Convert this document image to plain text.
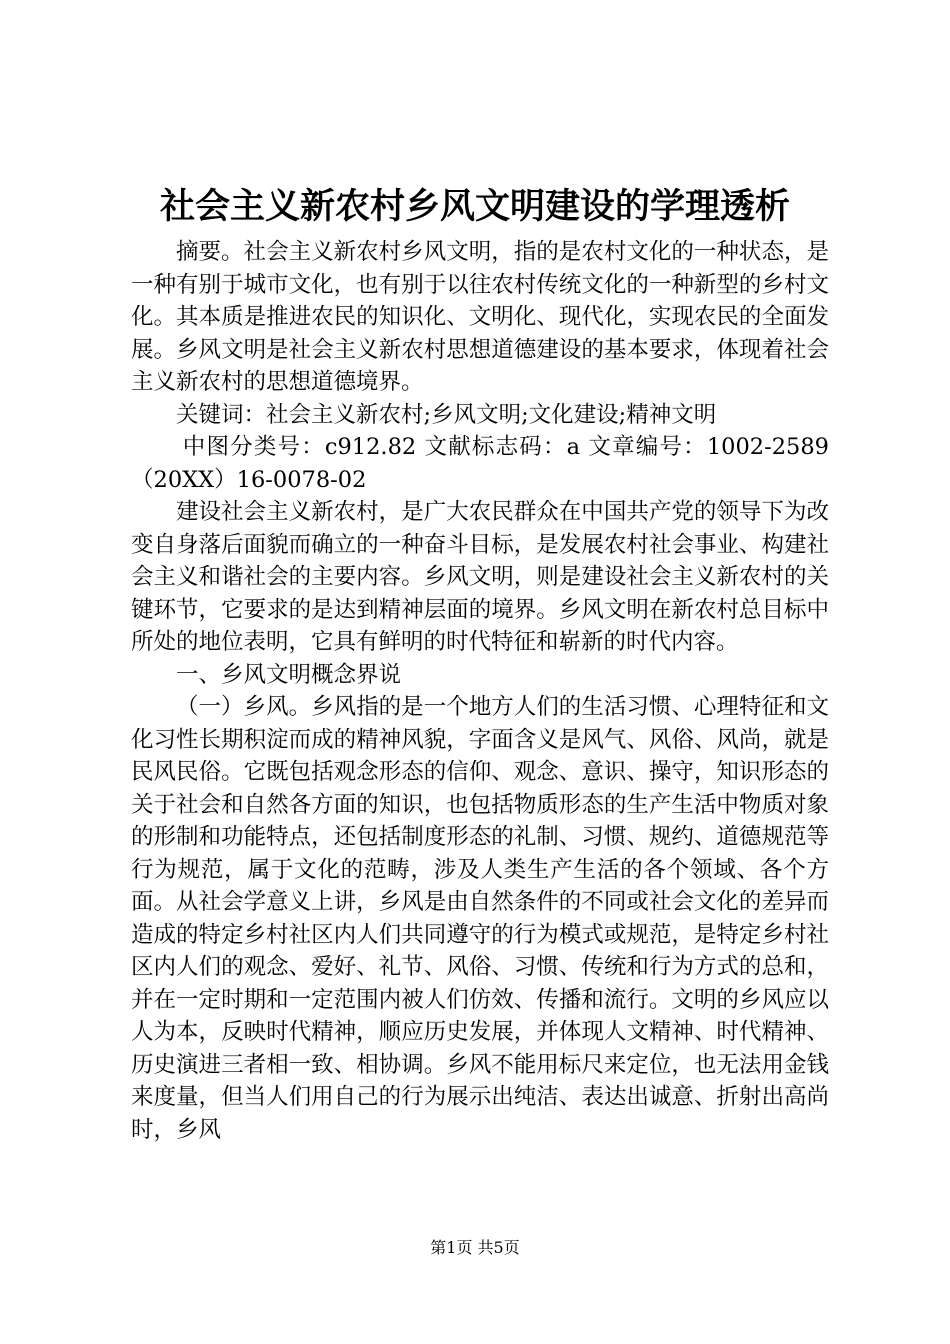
社会主义新农村乡风文明建设的学理透析

摘要。社会主义新农村乡风文明，指的是农村文化的一种状态，是一种有别于城市文化，也有别于以往农村传统文化的一种新型的乡村文化。其本质是推进农民的知识化、文明化、现代化，实现农民的全面发展。乡风文明是社会主义新农村思想道德建设的基本要求，体现着社会主义新农村的思想道德境界。

关键词：社会主义新农村;乡风文明;文化建设;精神文明

中图分类号：c912.82 文献标志码：a 文章编号：1002-2589（20XX）16-0078-02

建设社会主义新农村，是广大农民群众在中国共产党的领导下为改变自身落后面貌而确立的一种奋斗目标，是发展农村社会事业、构建社会主义和谐社会的主要内容。乡风文明，则是建设社会主义新农村的关键环节，它要求的是达到精神层面的境界。乡风文明在新农村总目标中所处的地位表明，它具有鲜明的时代特征和崭新的时代内容。

一、乡风文明概念界说

（一）乡风。乡风指的是一个地方人们的生活习惯、心理特征和文化习性长期积淀而成的精神风貌，字面含义是风气、风俗、风尚，就是民风民俗。它既包括观念形态的信仰、观念、意识、操守，知识形态的关于社会和自然各方面的知识，也包括物质形态的生产生活中物质对象的形制和功能特点，还包括制度形态的礼制、习惯、规约、道德规范等行为规范，属于文化的范畴，涉及人类生产生活的各个领域、各个方面。从社会学意义上讲，乡风是由自然条件的不同或社会文化的差异而造成的特定乡村社区内人们共同遵守的行为模式或规范，是特定乡村社区内人们的观念、爱好、礼节、风俗、习惯、传统和行为方式的总和，并在一定时期和一定范围内被人们仿效、传播和流行。文明的乡风应以人为本，反映时代精神，顺应历史发展，并体现人文精神、时代精神、历史演进三者相一致、相协调。乡风不能用标尺来定位，也无法用金钱来度量，但当人们用自己的行为展示出纯洁、表达出诚意、折射出高尚时，乡风

第1页 共5页
